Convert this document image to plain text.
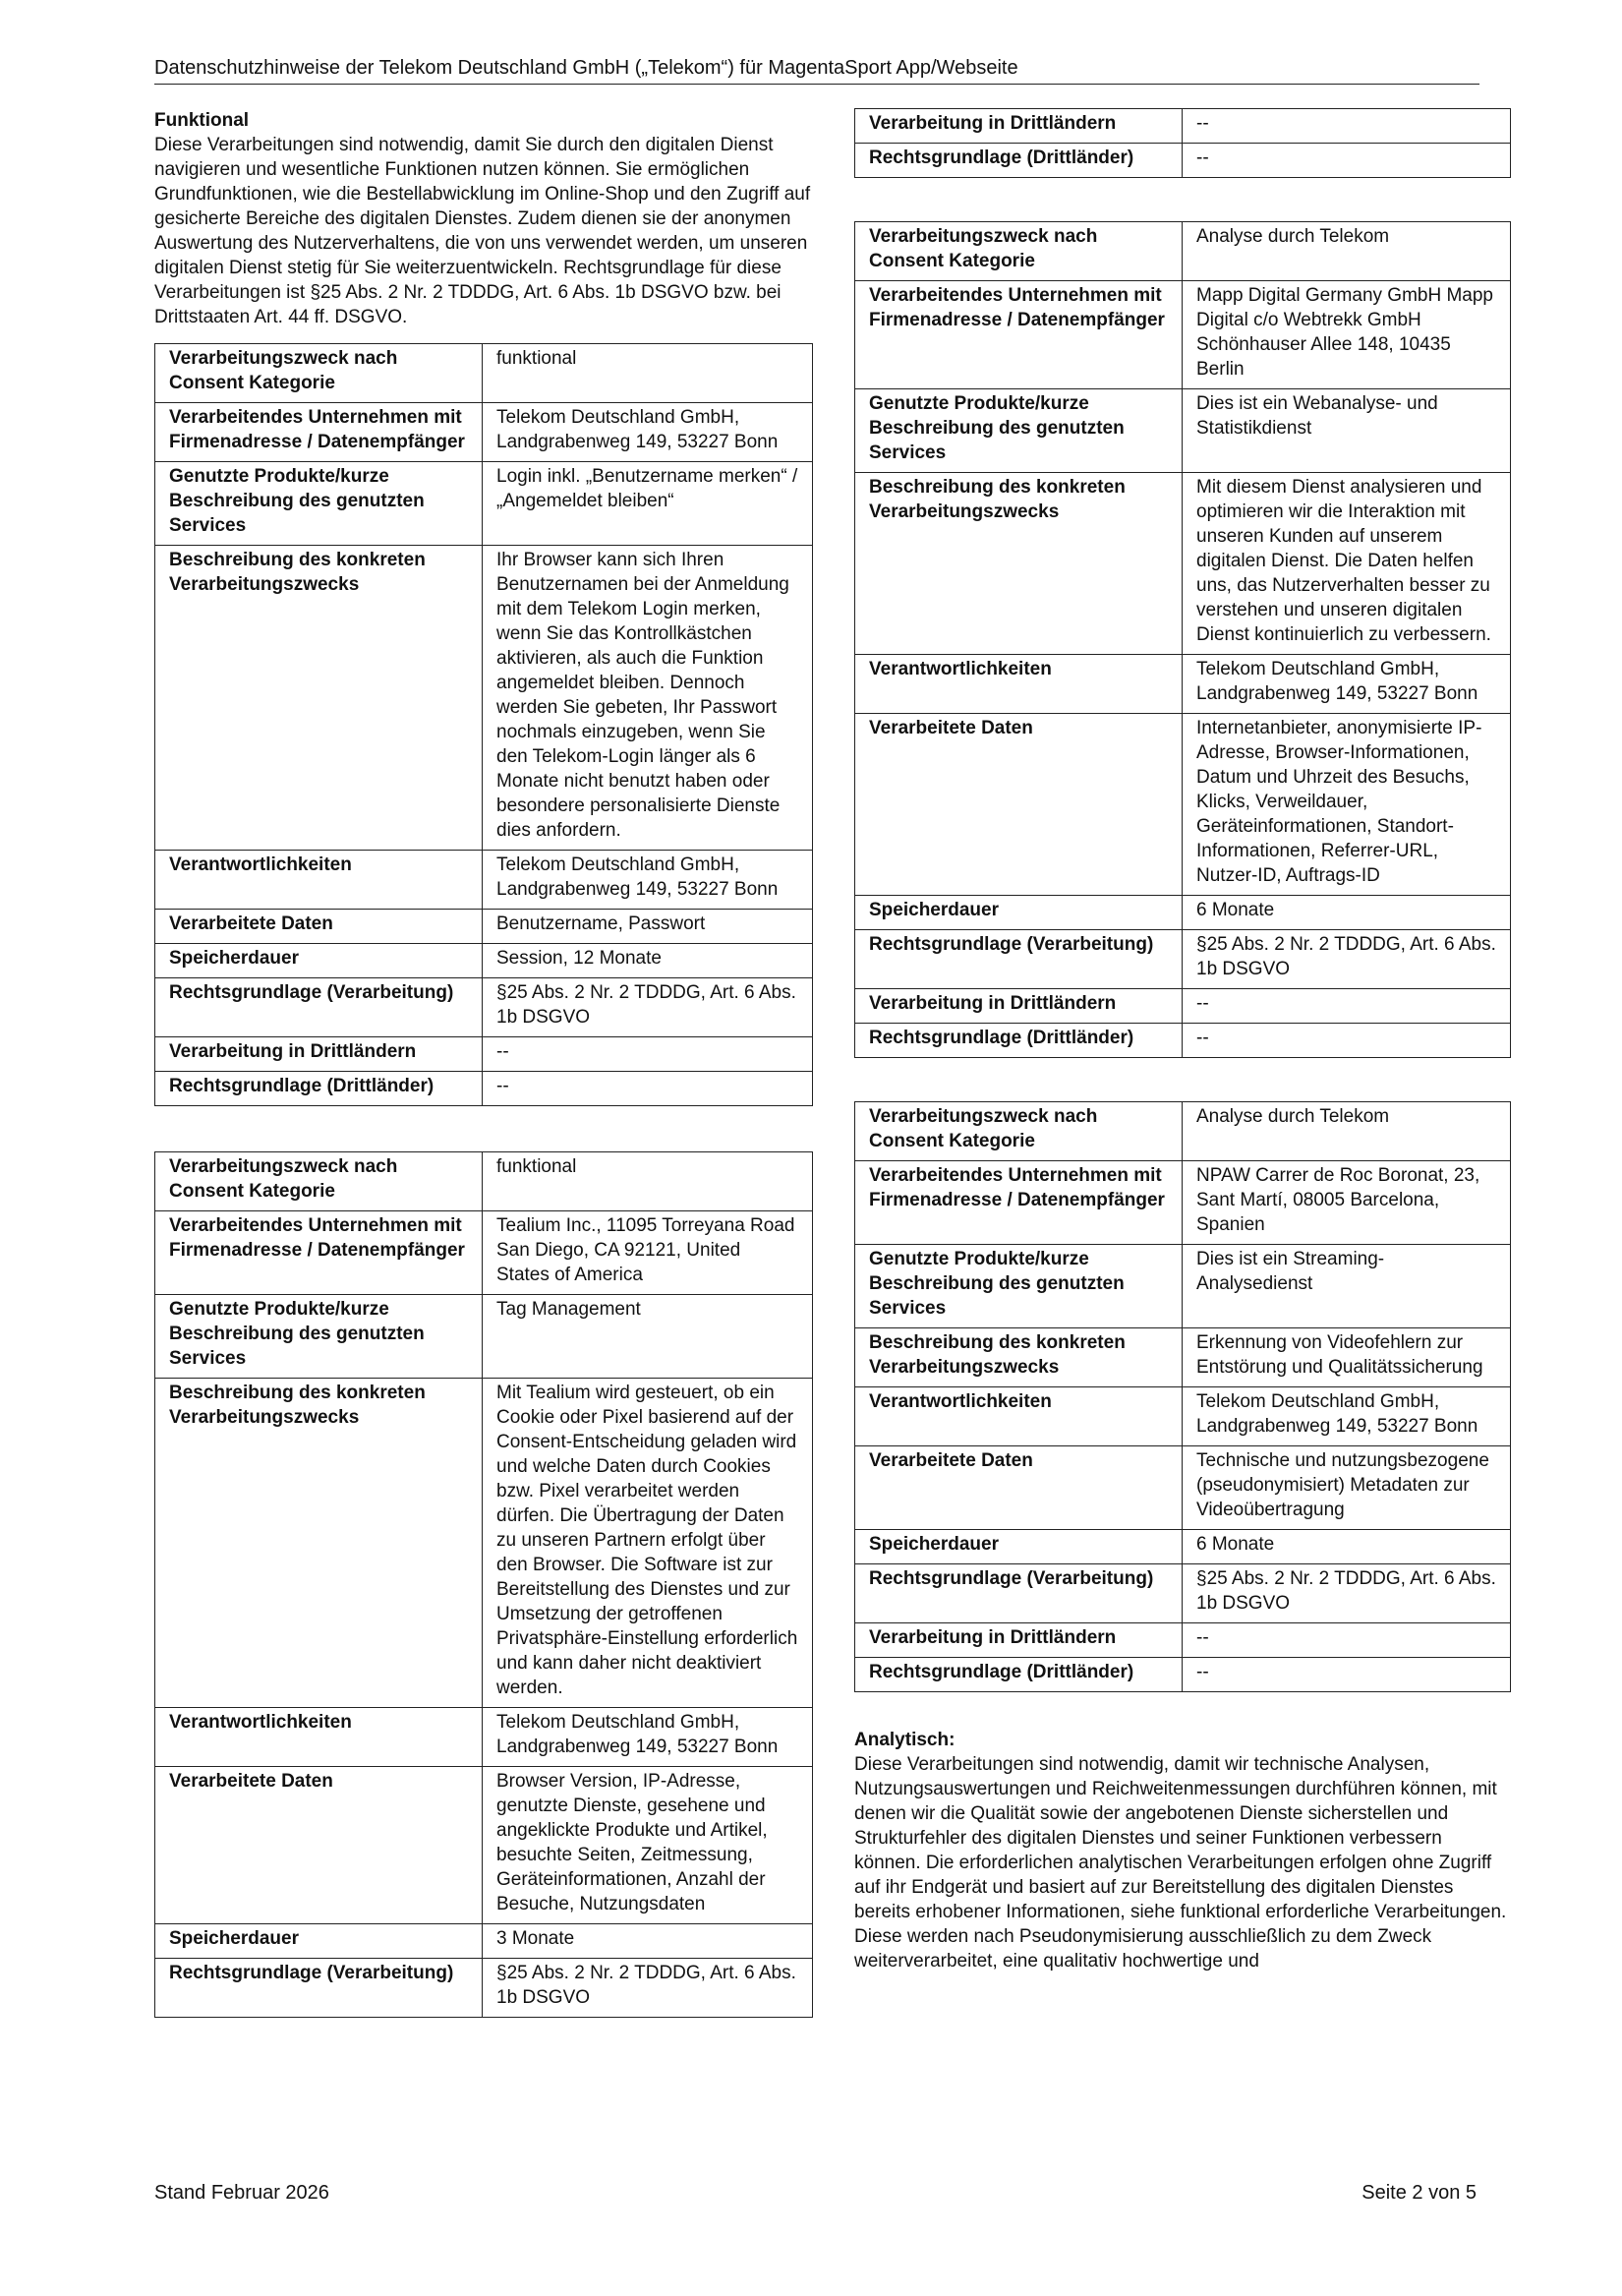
Datenschutzhinweise der Telekom Deutschland GmbH („Telekom“) für MagentaSport App/Webseite
Funktional

Diese Verarbeitungen sind notwendig, damit Sie durch den digitalen Dienst navigieren und wesentliche Funktionen nutzen können. Sie ermöglichen Grundfunktionen, wie die Bestellabwicklung im Online-Shop und den Zugriff auf gesicherte Bereiche des digitalen Dienstes. Zudem dienen sie der anonymen Auswertung des Nutzerverhaltens, die von uns verwendet werden, um unseren digitalen Dienst stetig für Sie weiterzuentwickeln. Rechtsgrundlage für diese Verarbeitungen ist §25 Abs. 2 Nr. 2 TDDDG, Art. 6 Abs. 1b DSGVO bzw. bei Drittstaaten Art. 44 ff. DSGVO.

Verarbeitungszweck nach Consent Kategorie	funktional
Verarbeitendes Unternehmen mit Firmenadresse / Datenempfänger	Telekom Deutschland GmbH, Landgrabenweg 149, 53227 Bonn
Genutzte Produkte/kurze Beschreibung des genutzten Services	Login inkl. „Benutzername merken“ / „Angemeldet bleiben“
Beschreibung des konkreten Verarbeitungszwecks	Ihr Browser kann sich Ihren Benutzernamen bei der Anmeldung mit dem Telekom Login merken, wenn Sie das Kontrollkästchen aktivieren, als auch die Funktion angemeldet bleiben. Dennoch werden Sie gebeten, Ihr Passwort nochmals einzugeben, wenn Sie den Telekom-Login länger als 6 Monate nicht benutzt haben oder besondere personalisierte Dienste dies anfordern.
Verantwortlichkeiten	Telekom Deutschland GmbH, Landgrabenweg 149, 53227 Bonn
Verarbeitete Daten	Benutzername, Passwort
Speicherdauer	Session, 12 Monate
Rechtsgrundlage (Verarbeitung)	§25 Abs. 2 Nr. 2 TDDDG, Art. 6 Abs. 1b DSGVO
Verarbeitung in Drittländern	--
Rechtsgrundlage (Drittländer)	--
Verarbeitungszweck nach Consent Kategorie	funktional
Verarbeitendes Unternehmen mit Firmenadresse / Datenempfänger	Tealium Inc., 11095 Torreyana Road San Diego, CA 92121, United States of America
Genutzte Produkte/kurze Beschreibung des genutzten Services	Tag Management
Beschreibung des konkreten Verarbeitungszwecks	Mit Tealium wird gesteuert, ob ein Cookie oder Pixel basierend auf der Consent-Entscheidung geladen wird und welche Daten durch Cookies bzw. Pixel verarbeitet werden dürfen. Die Übertragung der Daten zu unseren Partnern erfolgt über den Browser. Die Software ist zur Bereitstellung des Dienstes und zur Umsetzung der getroffenen Privatsphäre-Einstellung erforderlich und kann daher nicht deaktiviert werden.
Verantwortlichkeiten	Telekom Deutschland GmbH, Landgrabenweg 149, 53227 Bonn
Verarbeitete Daten	Browser Version, IP-Adresse, genutzte Dienste, gesehene und angeklickte Produkte und Artikel, besuchte Seiten, Zeitmessung, Geräteinformationen, Anzahl der Besuche, Nutzungsdaten
Speicherdauer	3 Monate
Rechtsgrundlage (Verarbeitung)	§25 Abs. 2 Nr. 2 TDDDG, Art. 6 Abs. 1b DSGVO
Verarbeitung in Drittländern	--
Rechtsgrundlage (Drittländer)	--
Verarbeitungszweck nach Consent Kategorie	Analyse durch Telekom
Verarbeitendes Unternehmen mit Firmenadresse / Datenempfänger	Mapp Digital Germany GmbH Mapp Digital c/o Webtrekk GmbH Schönhauser Allee 148, 10435 Berlin
Genutzte Produkte/kurze Beschreibung des genutzten Services	Dies ist ein Webanalyse- und Statistikdienst
Beschreibung des konkreten Verarbeitungszwecks	Mit diesem Dienst analysieren und optimieren wir die Interaktion mit unseren Kunden auf unserem digitalen Dienst. Die Daten helfen uns, das Nutzerverhalten besser zu verstehen und unseren digitalen Dienst kontinuierlich zu verbessern.
Verantwortlichkeiten	Telekom Deutschland GmbH, Landgrabenweg 149, 53227 Bonn
Verarbeitete Daten	Internetanbieter, anonymisierte IP-Adresse, Browser-Informationen, Datum und Uhrzeit des Besuchs, Klicks, Verweildauer, Geräteinformationen, Standort-Informationen, Referrer-URL, Nutzer-ID, Auftrags-ID
Speicherdauer	6 Monate
Rechtsgrundlage (Verarbeitung)	§25 Abs. 2 Nr. 2 TDDDG, Art. 6 Abs. 1b DSGVO
Verarbeitung in Drittländern	--
Rechtsgrundlage (Drittländer)	--
Verarbeitungszweck nach Consent Kategorie	Analyse durch Telekom
Verarbeitendes Unternehmen mit Firmenadresse / Datenempfänger	NPAW Carrer de Roc Boronat, 23, Sant Martí, 08005 Barcelona, Spanien
Genutzte Produkte/kurze Beschreibung des genutzten Services	Dies ist ein Streaming-Analysedienst
Beschreibung des konkreten Verarbeitungszwecks	Erkennung von Videofehlern zur Entstörung und Qualitätssicherung
Verantwortlichkeiten	Telekom Deutschland GmbH, Landgrabenweg 149, 53227 Bonn
Verarbeitete Daten	Technische und nutzungsbezogene (pseudonymisiert) Metadaten zur Videoübertragung
Speicherdauer	6 Monate
Rechtsgrundlage (Verarbeitung)	§25 Abs. 2 Nr. 2 TDDDG, Art. 6 Abs. 1b DSGVO
Verarbeitung in Drittländern	--
Rechtsgrundlage (Drittländer)	--
Analytisch:

Diese Verarbeitungen sind notwendig, damit wir technische Analysen, Nutzungsauswertungen und Reichweitenmessungen durchführen können, mit denen wir die Qualität sowie der angebotenen Dienste sicherstellen und Strukturfehler des digitalen Dienstes und seiner Funktionen verbessern können. Die erforderlichen analytischen Verarbeitungen erfolgen ohne Zugriff auf ihr Endgerät und basiert auf zur Bereitstellung des digitalen Dienstes bereits erhobener Informationen, siehe funktional erforderliche Verarbeitungen. Diese werden nach Pseudonymisierung ausschließlich zu dem Zweck weiterverarbeitet, eine qualitativ hochwertige und

Stand Februar 2026	Seite 2 von 5
